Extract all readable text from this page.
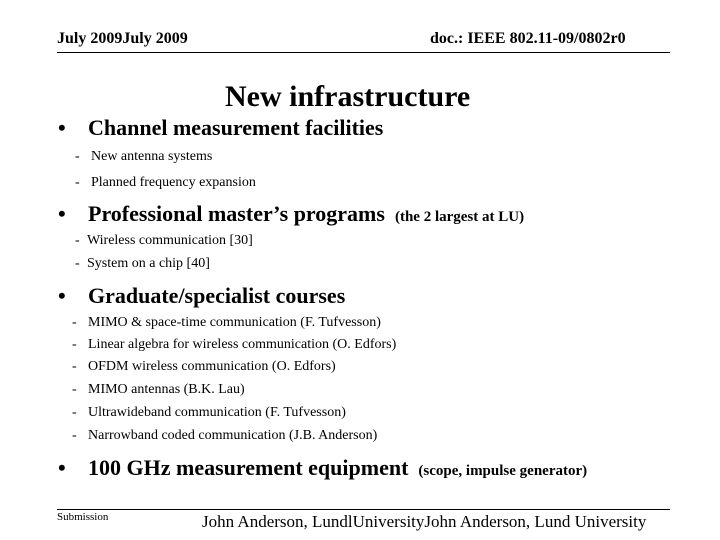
July 2009July 2009	doc.: IEEE 802.11-09/0802r0
New infrastructure
• Channel measurement facilities
- New antenna systems
- Planned frequency expansion
• Professional master’s programs (the 2 largest at LU)
- Wireless communication [30]
- System on a chip [40]
• Graduate/specialist courses
- MIMO & space-time communication (F. Tufvesson)
- Linear algebra for wireless communication (O. Edfors)
- OFDM wireless communication (O. Edfors)
- MIMO antennas (B.K. Lau)
- Ultrawideband communication (F. Tufvesson)
- Narrowband coded communication (J.B. Anderson)
• 100 GHz measurement equipment (scope, impulse generator)
Submission	John Anderson, LundlUniversityJohn Anderson, Lund University
